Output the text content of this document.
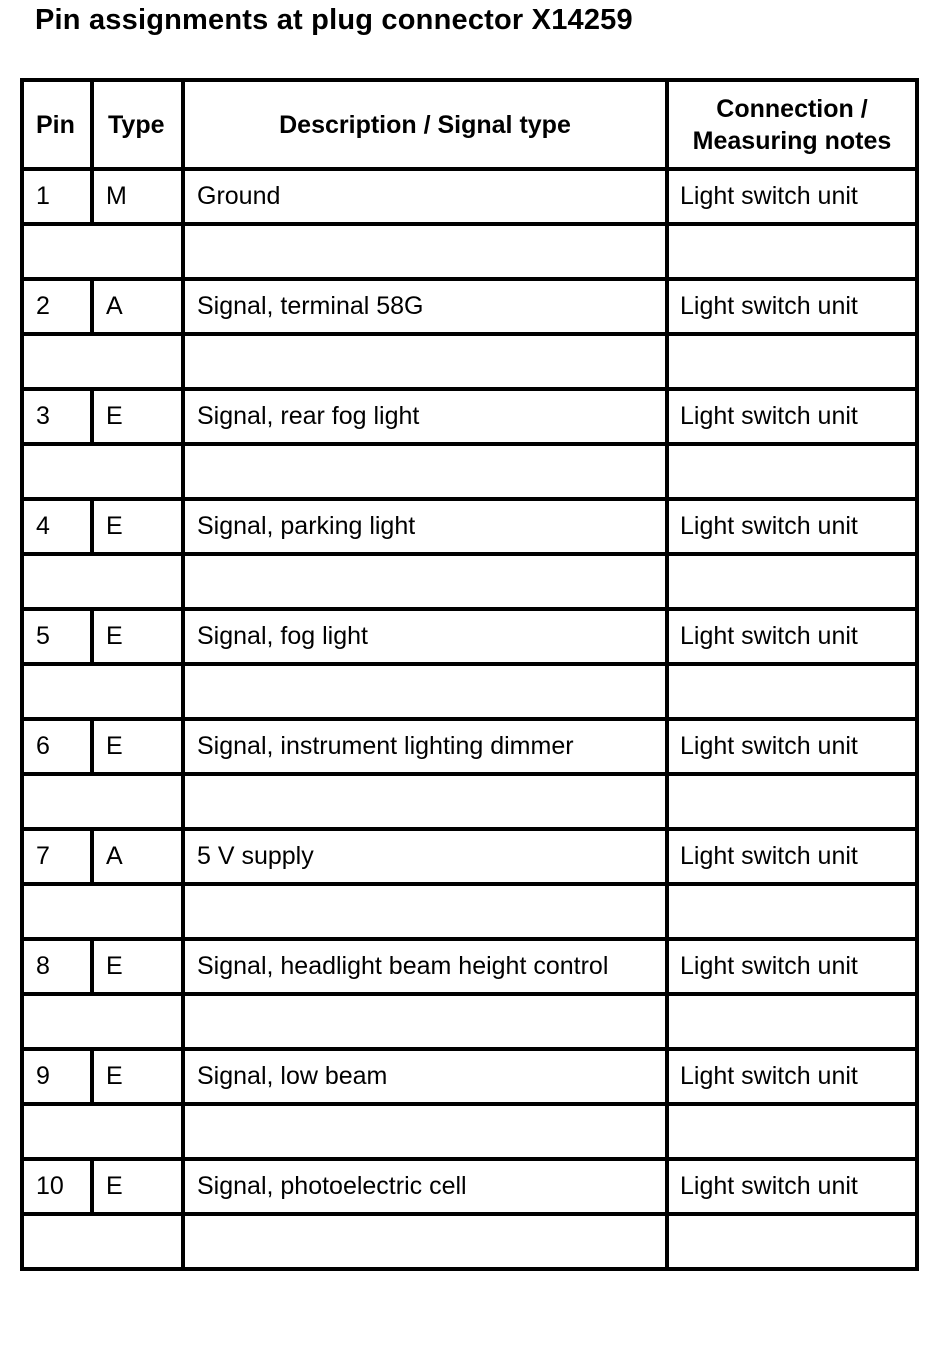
Pin assignments at plug connector X14259
Pin	Type	Description / Signal type	Connection /
Measuring notes
1	M	Ground	Light switch unit

2	A	Signal, terminal 58G	Light switch unit

3	E	Signal, rear fog light	Light switch unit

4	E	Signal, parking light	Light switch unit

5	E	Signal, fog light	Light switch unit

6	E	Signal, instrument lighting dimmer	Light switch unit

7	A	5 V supply	Light switch unit

8	E	Signal, headlight beam height control	Light switch unit

9	E	Signal, low beam	Light switch unit

10	E	Signal, photoelectric cell	Light switch unit
